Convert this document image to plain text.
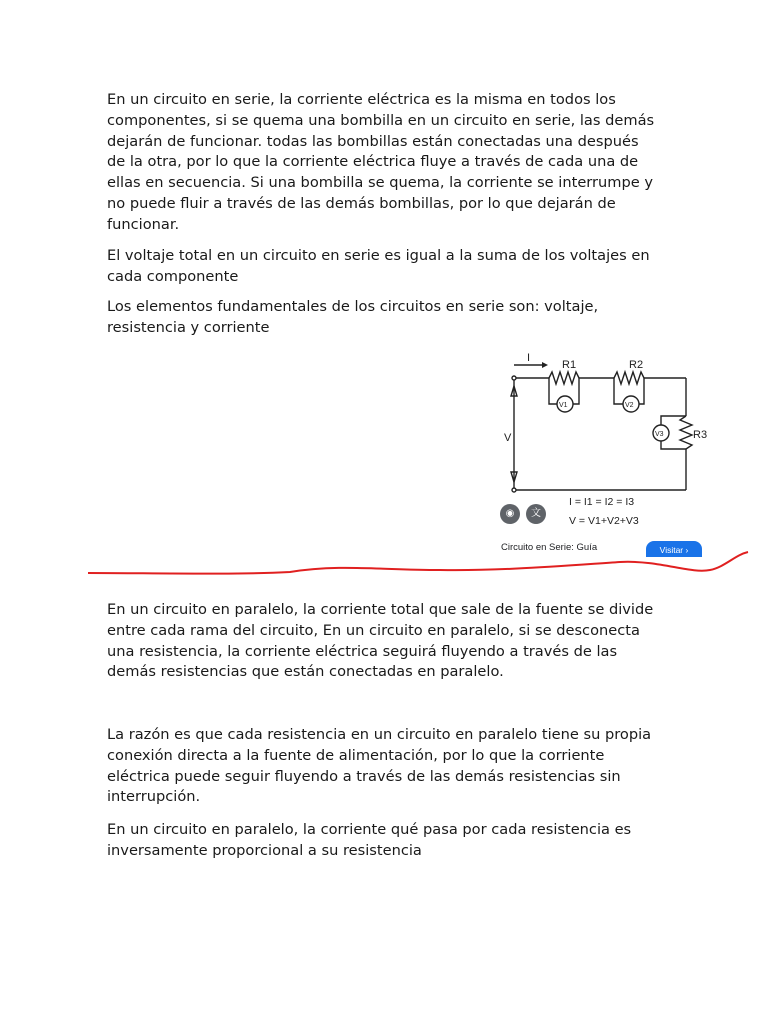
En un circuito en serie, la corriente eléctrica es la misma en todos los componentes, si se quema una bombilla en un circuito en serie, las demás dejarán de funcionar. todas las bombillas están conectadas una después de la otra, por lo que la corriente eléctrica fluye a través de cada una de ellas en secuencia. Si una bombilla se quema, la corriente se interrumpe y no puede fluir a través de las demás bombillas, por lo que dejarán de funcionar.

El voltaje total en un circuito en serie es igual a la suma de los voltajes en cada componente

Los elementos fundamentales de los circuitos en serie son: voltaje, resistencia y corriente

I
R1	R2
R3
V
V1	V2
V3
I = I1 = I2 = I3
V = V1+V2+V3
◉	文
Circuito en Serie: Guía	Visitar ›

En un circuito en paralelo, la corriente total que sale de la fuente se divide entre cada rama del circuito, En un circuito en paralelo, si se desconecta una resistencia, la corriente eléctrica seguirá fluyendo a través de las demás resistencias que están conectadas en paralelo.

La razón es que cada resistencia en un circuito en paralelo tiene su propia conexión directa a la fuente de alimentación, por lo que la corriente eléctrica puede seguir fluyendo a través de las demás resistencias sin interrupción.

En un circuito en paralelo, la corriente qué pasa por cada resistencia es inversamente proporcional a su resistencia
